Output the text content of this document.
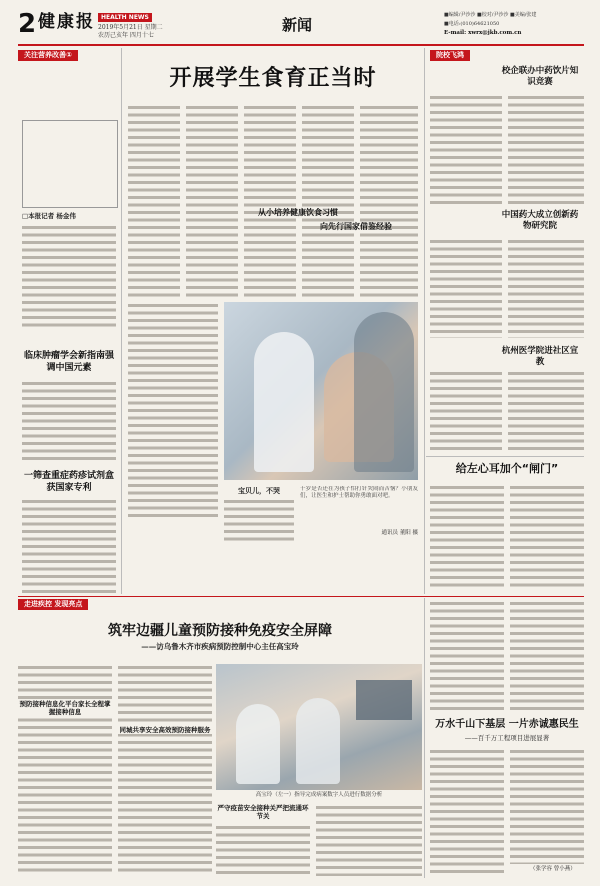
2 健康报	HEALTH NEWS
2019年5月21日 星期二
农历己亥年 四月十七
新闻
■编辑/尹沙沙 ■校对/尹沙沙 ■美编/张建
■电话:(010)64621050
E-mail: xwrx@jkb.com.cn
关注营养改善①
□本报记者 杨金伟
临床肿瘤学会新指南强调中国元素
一筛查重症药疹试剂盒获国家专利
开展学生食育正当时
从小培养健康饮食习惯
向先行国家借鉴经验
宝贝儿，不哭	十岁是否还在为孩子怕打针哭闹而苦恼？小朋友们，让医生和护士帮助你勇敢面对吧。
通讯员 董阳 摄
院校飞鸿
校企联办中药饮片知识竞赛
中国药大成立创新药物研究院
杭州医学院进社区宣教
给左心耳加个“闸门”
走进疾控 发现亮点
筑牢边疆儿童预防接种免疫安全屏障
——访乌鲁木齐市疾病预防控制中心主任高宝玲
预防接种信息化平台家长全程掌握接种信息
同城共享安全高效预防接种服务
高宝玲（左一）指导完成病案数字人员进行数据分析
严守疫苗安全接种关严把流通环节关
万水千山下基层 一片赤诚惠民生
——百千万工程项目进展显著
（张学容 曾小燕）
